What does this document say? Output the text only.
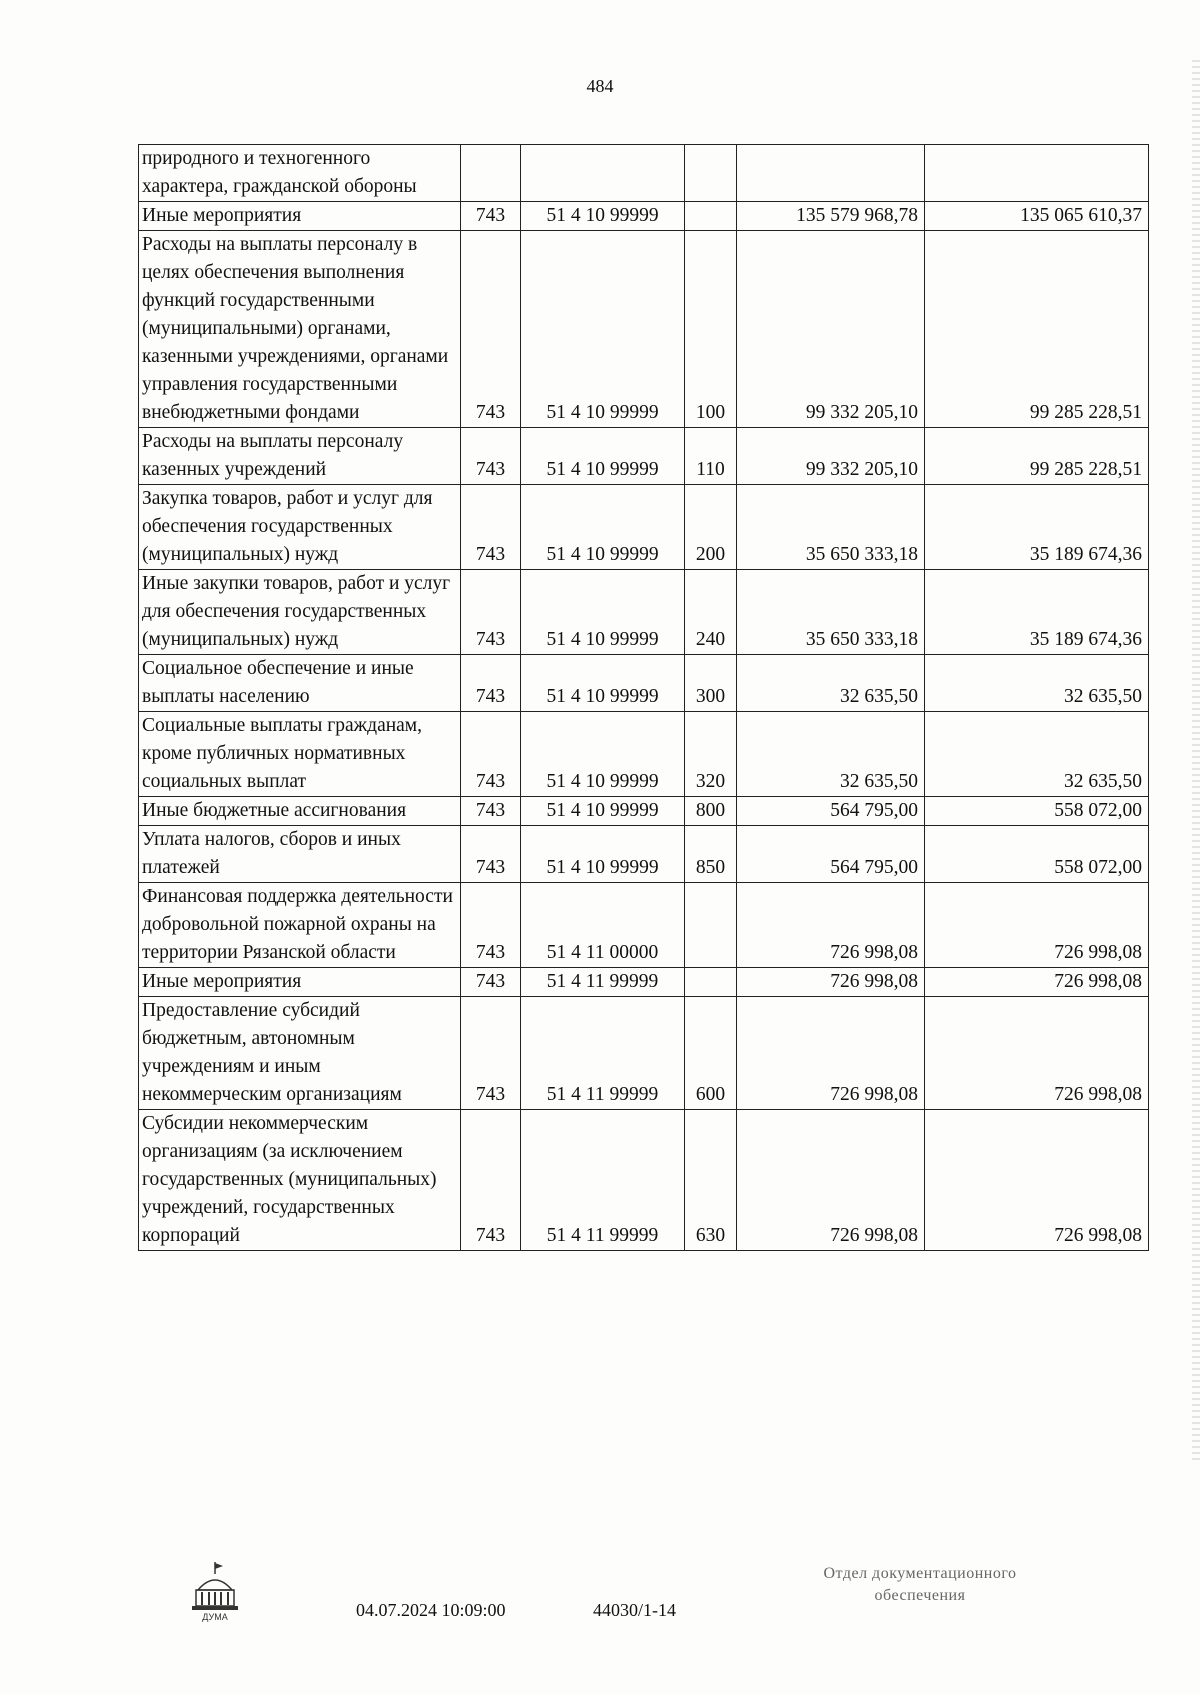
484
природного и техногенного характера, гражданской обороны					
Иные мероприятия	743	51 4 10 99999		135 579 968,78	135 065 610,37
Расходы на выплаты персоналу в целях обеспечения выполнения функций государственными (муниципальными) органами, казенными учреждениями, органами управления государственными внебюджетными фондами	743	51 4 10 99999	100	99 332 205,10	99 285 228,51
Расходы на выплаты персоналу казенных учреждений	743	51 4 10 99999	110	99 332 205,10	99 285 228,51
Закупка товаров, работ и услуг для обеспечения государственных (муниципальных) нужд	743	51 4 10 99999	200	35 650 333,18	35 189 674,36
Иные закупки товаров, работ и услуг для обеспечения государственных (муниципальных) нужд	743	51 4 10 99999	240	35 650 333,18	35 189 674,36
Социальное обеспечение и иные выплаты населению	743	51 4 10 99999	300	32 635,50	32 635,50
Социальные выплаты гражданам, кроме публичных нормативных социальных выплат	743	51 4 10 99999	320	32 635,50	32 635,50
Иные бюджетные ассигнования	743	51 4 10 99999	800	564 795,00	558 072,00
Уплата налогов, сборов и иных платежей	743	51 4 10 99999	850	564 795,00	558 072,00
Финансовая поддержка деятельности добровольной пожарной охраны на территории Рязанской области	743	51 4 11 00000		726 998,08	726 998,08
Иные мероприятия	743	51 4 11 99999		726 998,08	726 998,08
Предоставление субсидий бюджетным, автономным учреждениям и иным некоммерческим организациям	743	51 4 11 99999	600	726 998,08	726 998,08
Субсидии некоммерческим организациям (за исключением государственных (муниципальных) учреждений, государственных корпораций	743	51 4 11 99999	630	726 998,08	726 998,08
ДУМА	04.07.2024 10:09:00	44030/1-14
Отдел документационного
обеспечения
